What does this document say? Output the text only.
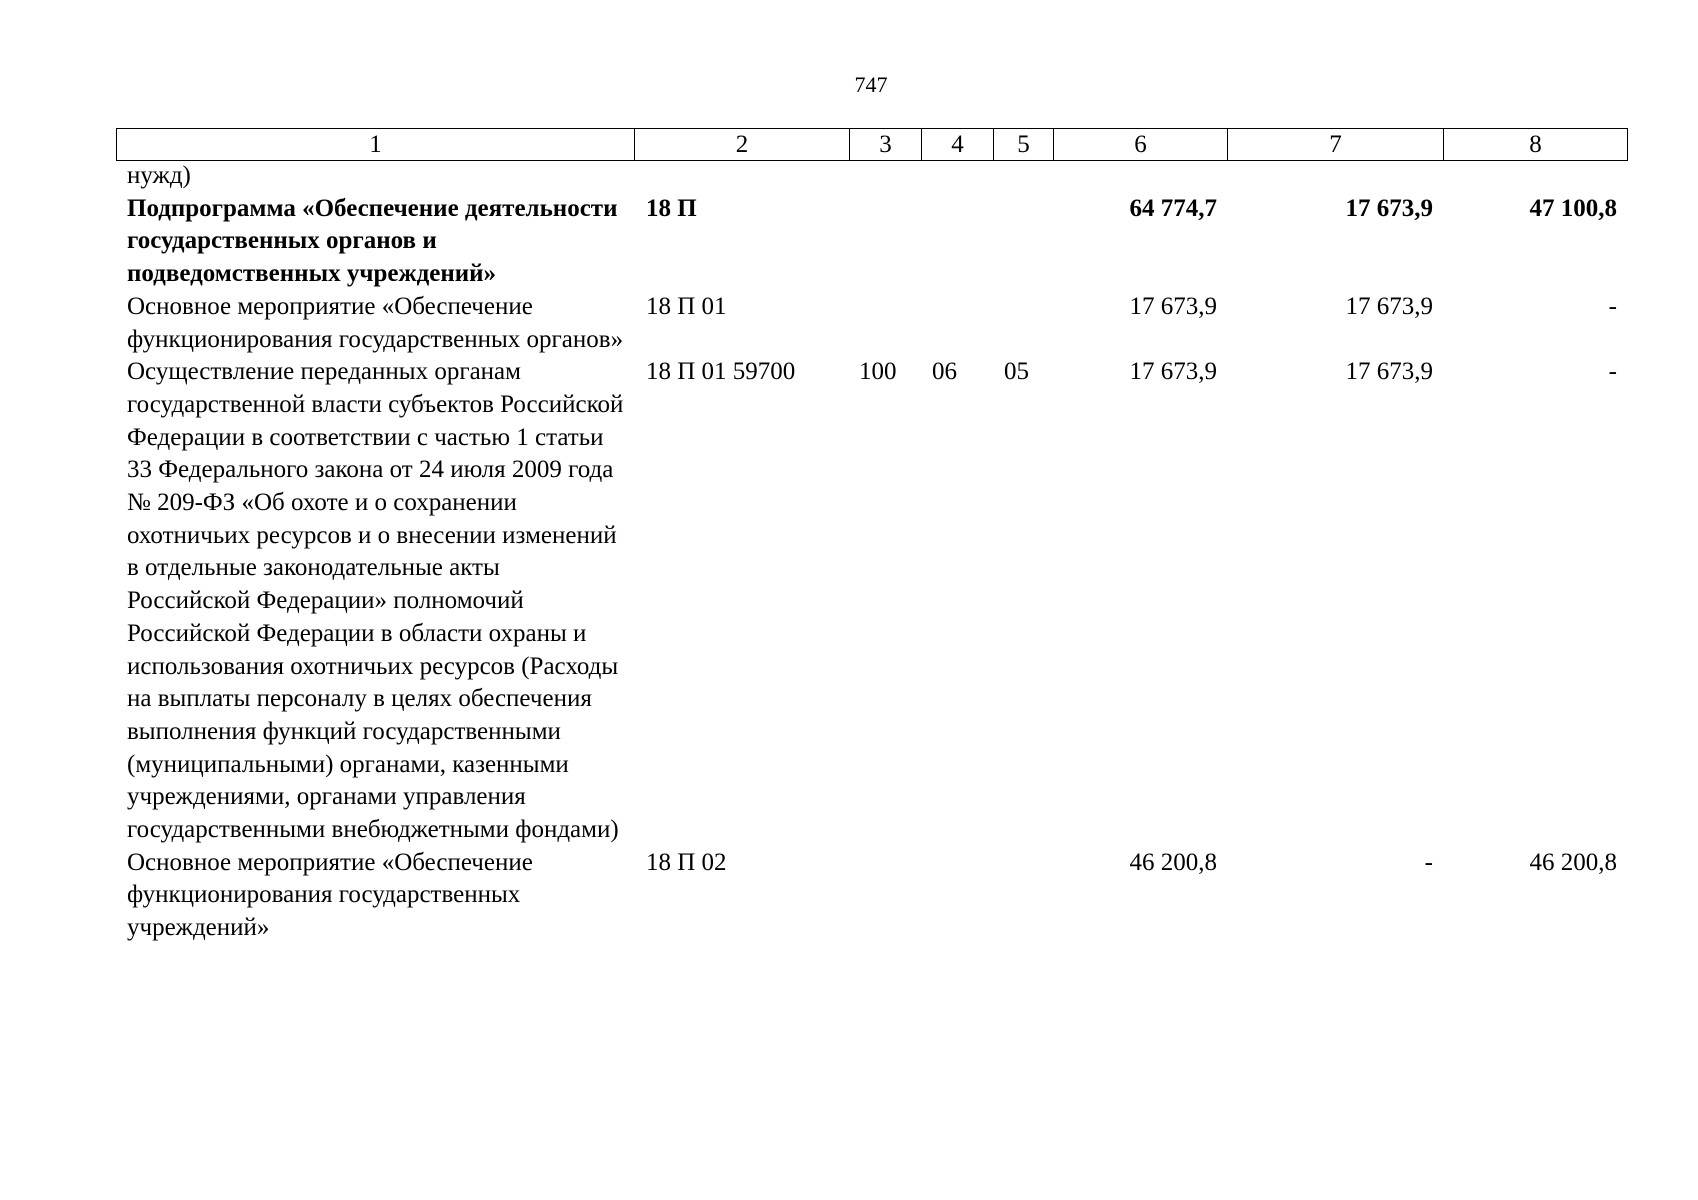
747
1	2	3	4	5	6	7	8
нужд)							
Подпрограмма «Обеспечение деятельности государственных органов и подведомственных учреждений»	18 П				64 774,7	17 673,9	47 100,8
Основное мероприятие «Обеспечение функционирования государственных органов»	18 П 01				17 673,9	17 673,9	-
Осуществление переданных органам государственной власти субъектов Российской Федерации в соответствии с частью 1 статьи 33 Федерального закона от 24 июля 2009 года № 209-ФЗ «Об охоте и о сохранении охотничьих ресурсов и о внесении изменений в отдельные законодательные акты Российской Федерации» полномочий Российской Федерации в области охраны и использования охотничьих ресурсов (Расходы на выплаты персоналу в целях обеспечения выполнения функций государственными (муниципальными) органами, казенными учреждениями, органами управления государственными внебюджетными фондами)	18 П 01 59700	100	06	05	17 673,9	17 673,9	-
Основное мероприятие «Обеспечение функционирования государственных учреждений»	18 П 02				46 200,8	-	46 200,8
